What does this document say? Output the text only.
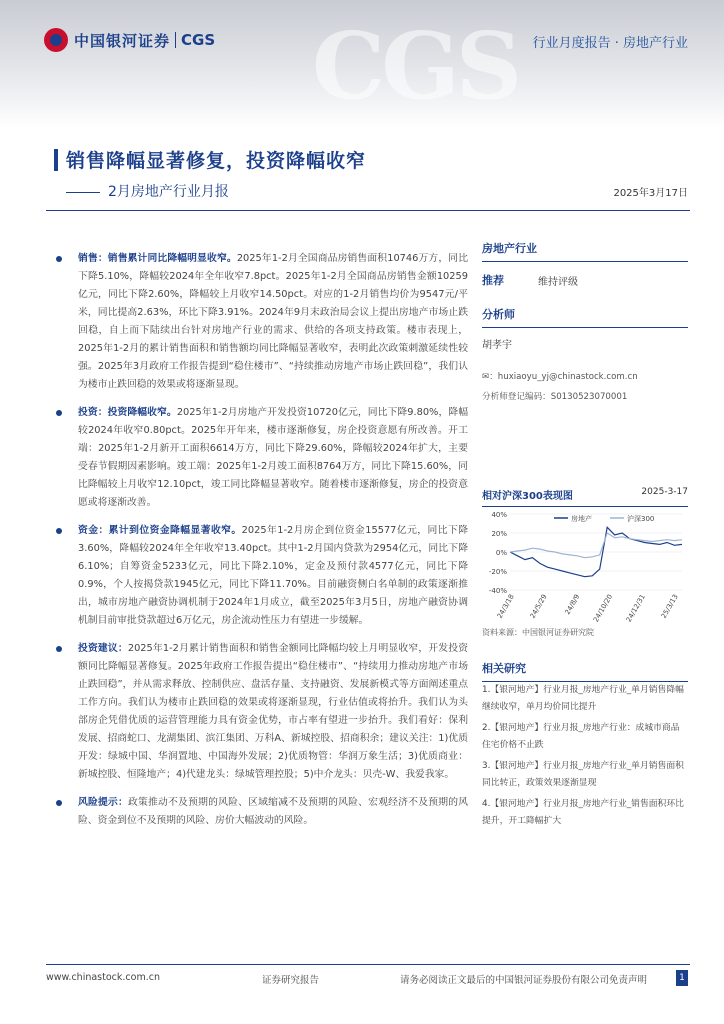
CGS
中国银河证券 CGS	行业月度报告 · 房地产行业
销售降幅显著修复，投资降幅收窄
2月房地产行业月报	2025年3月17日
销售：销售累计同比降幅明显收窄。2025年1-2月全国商品房销售面积10746万方，同比下降5.10%，降幅较2024年全年收窄7.8pct。2025年1-2月全国商品房销售金额10259亿元，同比下降2.60%，降幅较上月收窄14.50pct。对应的1-2月销售均价为9547元/平米，同比提高2.63%，环比下降3.91%。2024年9月末政治局会议上提出房地产市场止跌回稳，自上而下陆续出台针对房地产行业的需求、供给的各项支持政策。楼市表现上，2025年1-2月的累计销售面积和销售额均同比降幅显著收窄，表明此次政策刺激延续性较强。2025年3月政府工作报告提到“稳住楼市”、“持续推动房地产市场止跌回稳”，我们认为楼市止跌回稳的效果或将逐渐显现。
投资：投资降幅收窄。2025年1-2月房地产开发投资10720亿元，同比下降9.80%，降幅较2024年收窄0.80pct。2025年开年来，楼市逐渐修复，房企投资意愿有所改善。开工端：2025年1-2月新开工面积6614万方，同比下降29.60%，降幅较2024年扩大，主要受春节假期因素影响。竣工端：2025年1-2月竣工面积8764万方，同比下降15.60%，同比降幅较上月收窄12.10pct，竣工同比降幅显著收窄。随着楼市逐渐修复，房企的投资意愿或将逐渐改善。
资金：累计到位资金降幅显著收窄。2025年1-2月房企到位资金15577亿元，同比下降3.60%，降幅较2024年全年收窄13.40pct。其中1-2月国内贷款为2954亿元，同比下降6.10%；自筹资金5233亿元，同比下降2.10%，定金及预付款4577亿元，同比下降0.9%，个人按揭贷款1945亿元，同比下降11.70%。目前融资侧白名单制的政策逐渐推出，城市房地产融资协调机制于2024年1月成立，截至2025年3月5日，房地产融资协调机制目前审批贷款超过6万亿元，房企流动性压力有望进一步缓解。
投资建议：2025年1-2月累计销售面积和销售金额同比降幅均较上月明显收窄，开发投资额同比降幅显著修复。2025年政府工作报告提出“稳住楼市”、“持续用力推动房地产市场止跌回稳”，并从需求释放、控制供应、盘活存量、支持融资、发展新模式等方面阐述重点工作方向。我们认为楼市止跌回稳的效果或将逐渐显现，行业估值或将抬升。我们认为头部房企凭借优质的运营管理能力具有资金优势，市占率有望进一步抬升。我们看好：保利发展、招商蛇口、龙湖集团、滨江集团、万科A、新城控股、招商积余；建议关注：1)优质开发：绿城中国、华润置地、中国海外发展；2)优质物管：华润万象生活；3)优质商业：新城控股、恒隆地产；4)代建龙头：绿城管理控股；5)中介龙头：贝壳-W、我爱我家。
风险提示：政策推动不及预期的风险、区域缩减不及预期的风险、宏观经济不及预期的风险、资金到位不及预期的风险、房价大幅波动的风险。
房地产行业
推荐	维持评级
分析师
胡孝宇
✉：huxiaoyu_yj@chinastock.com.cn
分析师登记编码：S0130523070001
相对沪深300表现图	2025-3-17
40%
20%
0%
-20%
-40%
房地产	沪深300
24/3/18 24/5/29 24/8/9 24/10/20 24/12/31 25/3/13
资料来源：中国银河证券研究院
相关研究
1.【银河地产】行业月报_房地产行业_单月销售降幅继续收窄，单月均价同比提升
2.【银河地产】行业月报_房地产行业：成城市商品住宅价格不止跌
3.【银河地产】行业月报_房地产行业_单月销售面积同比转正，政策效果逐渐显现
4.【银河地产】行业月报_房地产行业_销售面积环比提升，开工降幅扩大
www.chinastock.com.cn	证券研究报告	请务必阅读正文最后的中国银河证券股份有限公司免责声明	1
